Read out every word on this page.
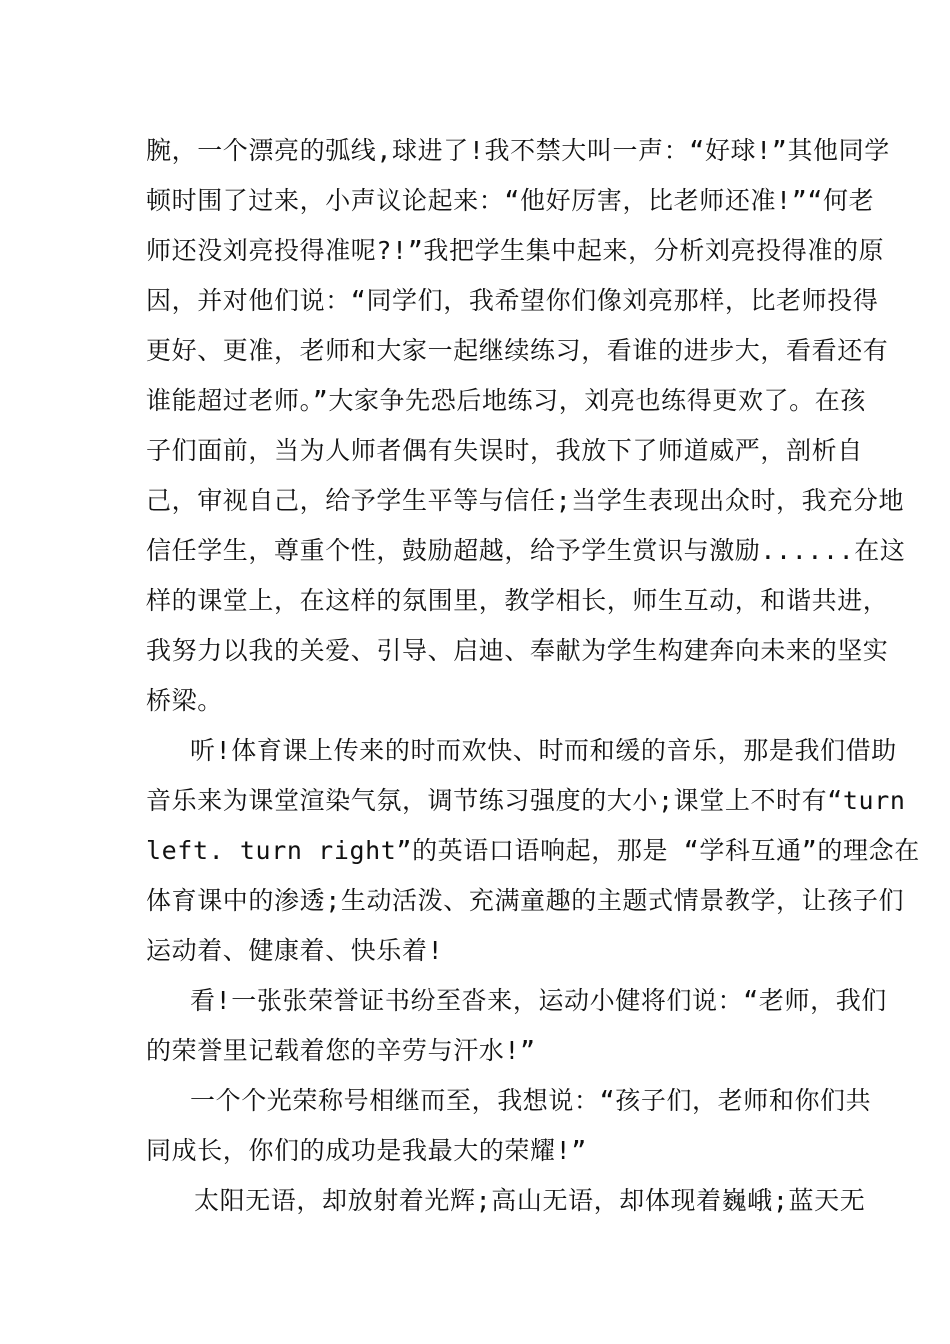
腕，一个漂亮的弧线,球进了!我不禁大叫一声：“好球!”其他同学
顿时围了过来，小声议论起来：“他好厉害，比老师还准!”“何老
师还没刘亮投得准呢?!”我把学生集中起来，分析刘亮投得准的原
因，并对他们说：“同学们，我希望你们像刘亮那样，比老师投得
更好、更准，老师和大家一起继续练习，看谁的进步大，看看还有
谁能超过老师。”大家争先恐后地练习，刘亮也练得更欢了。在孩
子们面前，当为人师者偶有失误时，我放下了师道威严，剖析自
己，审视自己，给予学生平等与信任;当学生表现出众时，我充分地
信任学生，尊重个性，鼓励超越，给予学生赏识与激励......在这
样的课堂上，在这样的氛围里，教学相长，师生互动，和谐共进，
我努力以我的关爱、引导、启迪、奉献为学生构建奔向未来的坚实
桥梁。
听!体育课上传来的时而欢快、时而和缓的音乐，那是我们借助
音乐来为课堂渲染气氛，调节练习强度的大小;课堂上不时有“turn
left. turn right”的英语口语响起，那是 “学科互通”的理念在
体育课中的渗透;生动活泼、充满童趣的主题式情景教学，让孩子们
运动着、健康着、快乐着!
看!一张张荣誉证书纷至沓来，运动小健将们说：“老师，我们
的荣誉里记载着您的辛劳与汗水!”
一个个光荣称号相继而至，我想说：“孩子们，老师和你们共
同成长，你们的成功是我最大的荣耀!”
太阳无语，却放射着光辉;高山无语，却体现着巍峨;蓝天无
